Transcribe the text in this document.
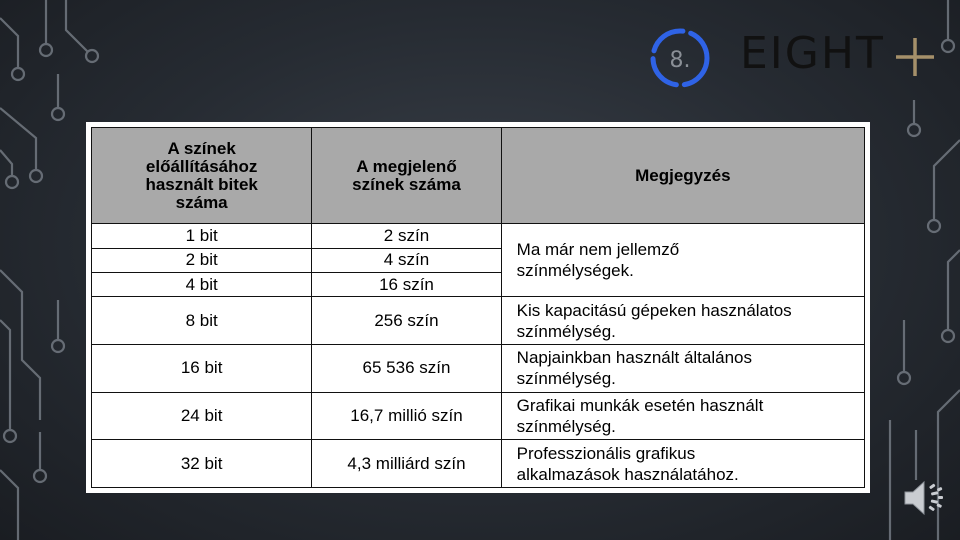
8. EIGHT
A színek előállításához használt bitek száma	A megjelenő színek száma	Megjegyzés
1 bit	2 szín	Ma már nem jellemző
színmélységek.

2 bit	4 szín	
4 bit	16 szín	
8 bit	256 szín	Kis kapacitású gépeken használatos
színmélység.

16 bit	65 536 szín	Napjainkban használt általános
színmélység.

24 bit	16,7 millió szín	Grafikai munkák esetén használt
színmélység.

32 bit	4,3 milliárd szín	Professzionális grafikus
alkalmazások használatához.
